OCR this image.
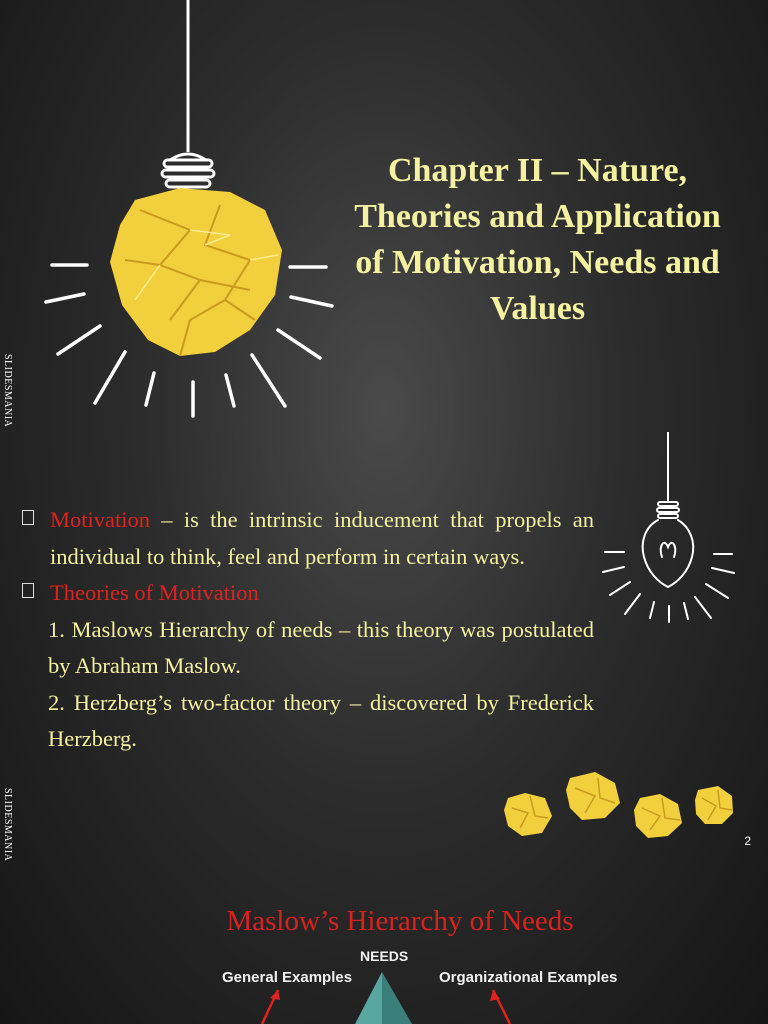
Chapter II – Nature, Theories and Application of Motivation, Needs and Values
SLIDESMANIA
SLIDESMANIA
Motivation – is the intrinsic inducement that propels an individual to think, feel and perform in certain ways.
Theories of Motivation
1. Maslows Hierarchy of needs – this theory was postulated by Abraham Maslow.
2. Herzberg’s two-factor theory – discovered by Frederick Herzberg.
2
Maslow’s Hierarchy of Needs
NEEDS
General Examples	Organizational Examples
